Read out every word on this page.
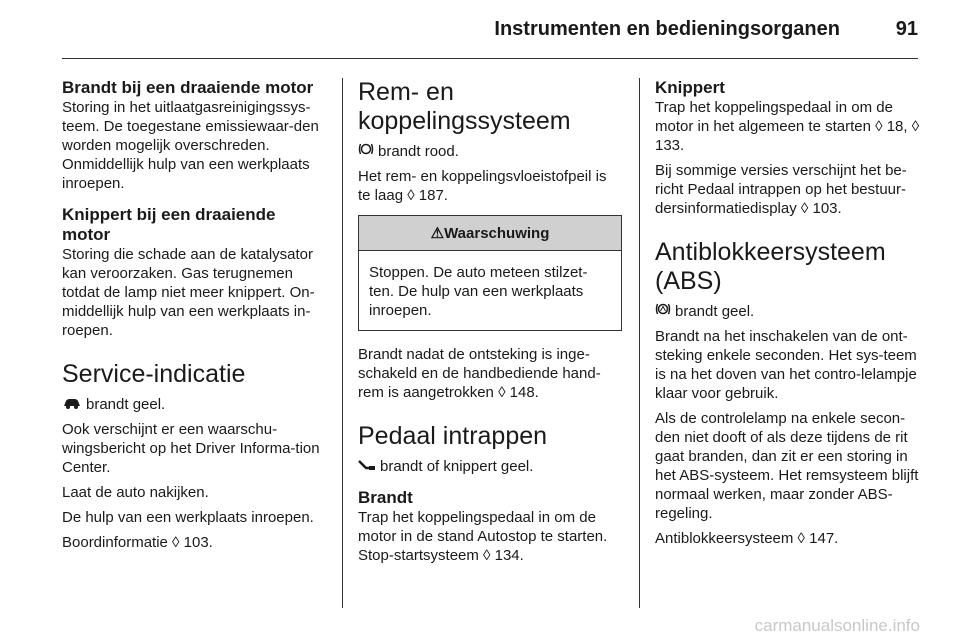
Instrumenten en bedieningsorganen	91
Brandt bij een draaiende motor

Storing in het uitlaatgasreinigingssys-teem. De toegestane emissiewaar-den worden mogelijk overschreden. Onmiddellijk hulp van een werkplaats inroepen.

Knippert bij een draaiende motor

Storing die schade aan de katalysator kan veroorzaken. Gas terugnemen totdat de lamp niet meer knippert. On-middellijk hulp van een werkplaats in-roepen.

Service-indicatie

brandt geel.

Ook verschijnt er een waarschu-wingsbericht op het Driver Informa-tion Center.

Laat de auto nakijken.

De hulp van een werkplaats inroepen.

Boordinformatie ◊ 103.

Rem- en koppelingssysteem

brandt rood.

Het rem- en koppelingsvloeistofpeil is te laag ◊ 187.

⚠Waarschuwing

Stoppen. De auto meteen stilzet-ten. De hulp van een werkplaats inroepen.

Brandt nadat de ontsteking is inge-schakeld en de handbediende hand-rem is aangetrokken ◊ 148.

Pedaal intrappen

brandt of knippert geel.

Brandt

Trap het koppelingspedaal in om de motor in de stand Autostop te starten. Stop-startsysteem ◊ 134.

Knippert

Trap het koppelingspedaal in om de motor in het algemeen te starten ◊ 18, ◊ 133.

Bij sommige versies verschijnt het be-richt Pedaal intrappen op het bestuur-dersinformatiedisplay ◊ 103.

Antiblokkeersysteem (ABS)

brandt geel.

Brandt na het inschakelen van de ont-steking enkele seconden. Het sys-teem is na het doven van het contro-lelampje klaar voor gebruik.

Als de controlelamp na enkele secon-den niet dooft of als deze tijdens de rit gaat branden, dan zit er een storing in het ABS-systeem. Het remsysteem blijft normaal werken, maar zonder ABS-regeling.

Antiblokkeersysteem ◊ 147.

carmanualsonline.info
